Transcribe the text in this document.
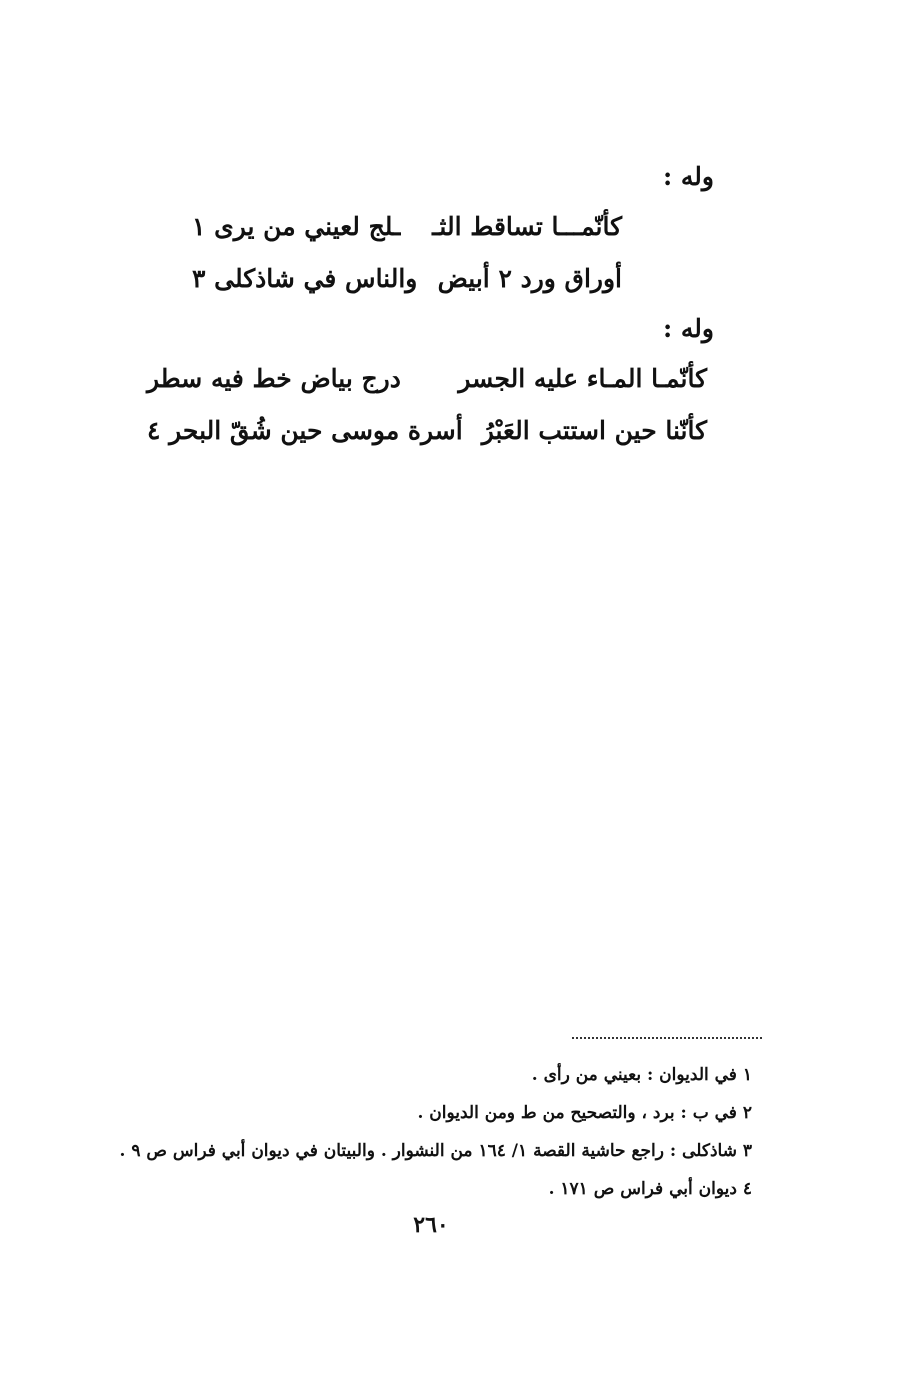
وله :
كأنّمـــا تساقط الثـ
ـلج لعيني من يرى ١
أوراق ورد ٢ أبيض
والناس في شاذكلى ٣
وله :
كأنّمـا المـاء عليه الجسر
درج بياض خط فيه سطر
كأنّنا حين استتب العَبْرُ
أسرة موسى حين شُقّ البحر ٤
١ في الديوان : بعيني من رأى .
٢ في ب : برد ، والتصحيح من ط ومن الديوان .
٣ شاذكلى : راجع حاشية القصة ١/ ١٦٤ من النشوار . والبيتان في ديوان أبي فراس ص ٩ .
٤ ديوان أبي فراس ص ١٧١ .
٢٦٠
